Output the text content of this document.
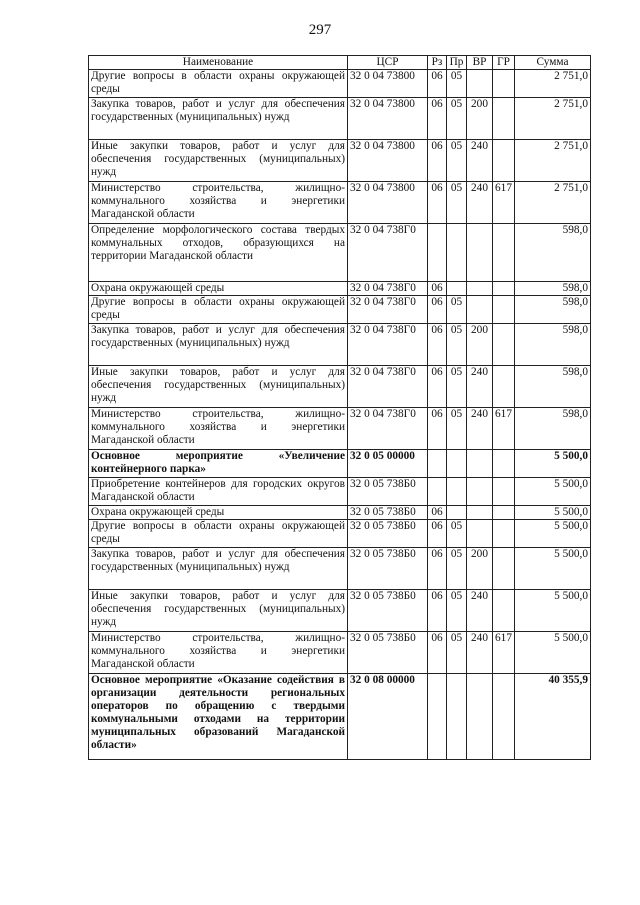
297
Наименование	ЦСР	Рз	Пр	ВР	ГР	Сумма
Другие вопросы в области охраны окружающей среды	32 0 04 73800	06	05			2 751,0
Закупка товаров, работ и услуг для обеспечения государственных (муниципальных) нужд	32 0 04 73800	06	05	200		2 751,0
Иные закупки товаров, работ и услуг для обеспечения государственных (муниципальных) нужд	32 0 04 73800	06	05	240		2 751,0
Министерство строительства, жилищно-коммунального хозяйства и энергетики Магаданской области	32 0 04 73800	06	05	240	617	2 751,0
Определение морфологического состава твердых коммунальных отходов, образующихся на территории Магаданской области	32 0 04 738Г0					598,0
Охрана окружающей среды	32 0 04 738Г0	06				598,0
Другие вопросы в области охраны окружающей среды	32 0 04 738Г0	06	05			598,0
Закупка товаров, работ и услуг для обеспечения государственных (муниципальных) нужд	32 0 04 738Г0	06	05	200		598,0
Иные закупки товаров, работ и услуг для обеспечения государственных (муниципальных) нужд	32 0 04 738Г0	06	05	240		598,0
Министерство строительства, жилищно-коммунального хозяйства и энергетики Магаданской области	32 0 04 738Г0	06	05	240	617	598,0
Основное мероприятие «Увеличение контейнерного парка»	32 0 05 00000					5 500,0
Приобретение контейнеров для городских округов Магаданской области	32 0 05 738Б0					5 500,0
Охрана окружающей среды	32 0 05 738Б0	06				5 500,0
Другие вопросы в области охраны окружающей среды	32 0 05 738Б0	06	05			5 500,0
Закупка товаров, работ и услуг для обеспечения государственных (муниципальных) нужд	32 0 05 738Б0	06	05	200		5 500,0
Иные закупки товаров, работ и услуг для обеспечения государственных (муниципальных) нужд	32 0 05 738Б0	06	05	240		5 500,0
Министерство строительства, жилищно-коммунального хозяйства и энергетики Магаданской области	32 0 05 738Б0	06	05	240	617	5 500,0
Основное мероприятие «Оказание содействия в организации деятельности региональных операторов по обращению с твердыми коммунальными отходами на территории муниципальных образований Магаданской области»	32 0 08 00000					40 355,9
